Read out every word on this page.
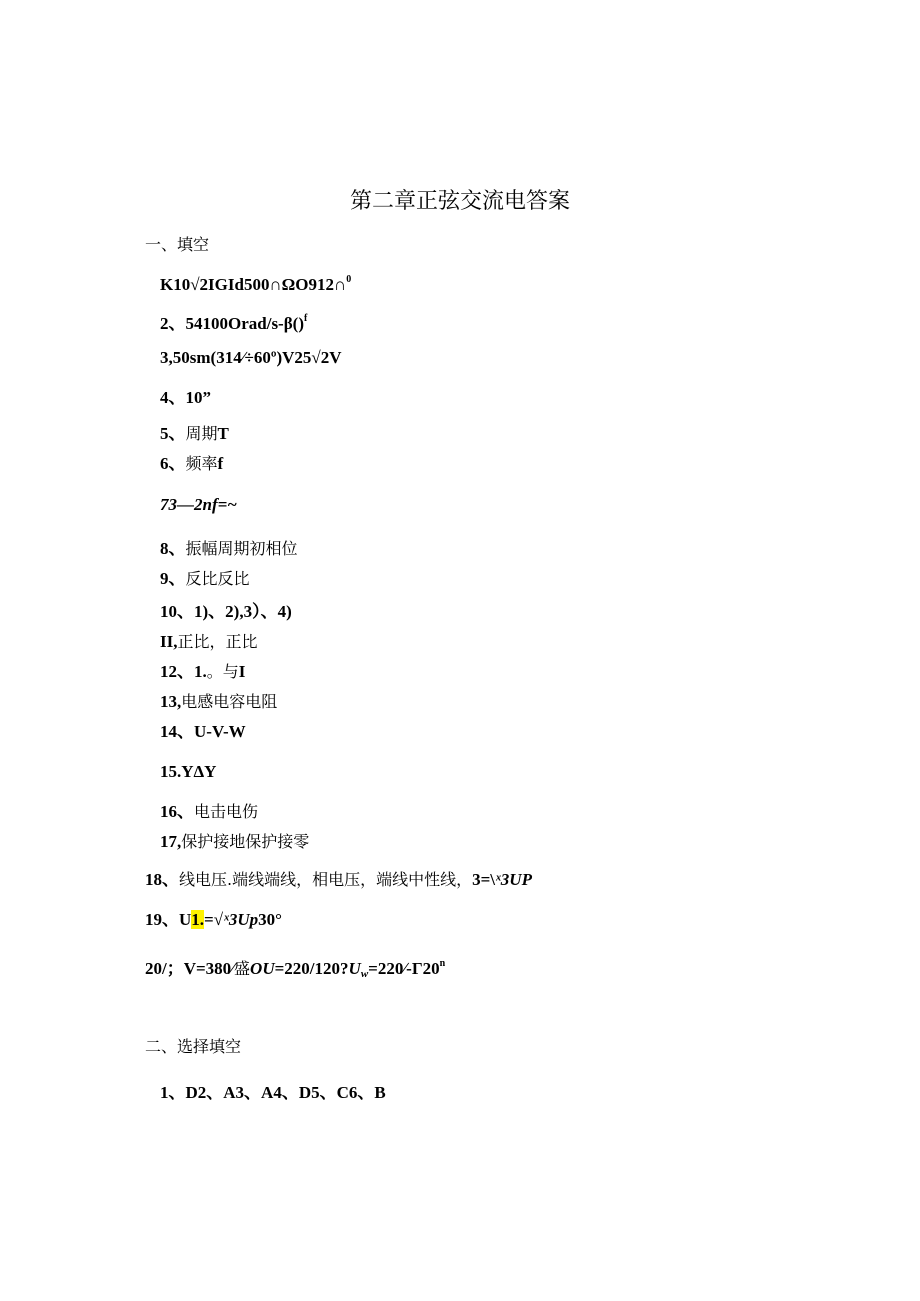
第二章正弦交流电答案
一、填空
K10√2IGId500∩ΩO912∩$^0$
2、54100Orad/s-β()$^f$
3,50sm(314∕÷60º)V25√2V
4、10”
5、周期T
6、频率f
73—2nf=~
8、振幅周期初相位
9、反比反比
10、1)、2),3）、4)
II,正比，正比
12、1.。与I
13,电感电容电阻
14、U-V-W
15.YΔY
16、电击电伤
17,保护接地保护接零
18、线电压.端线端线，相电压，端线中性线，3=\ˣ3UP
19、U1.=√ˣ3Up30°
20/；V=380∕盛$OU=220/120?U_w=220∕-\Gamma 20^n$
二、选择填空
1、D2、A3、A4、D5、C6、B
